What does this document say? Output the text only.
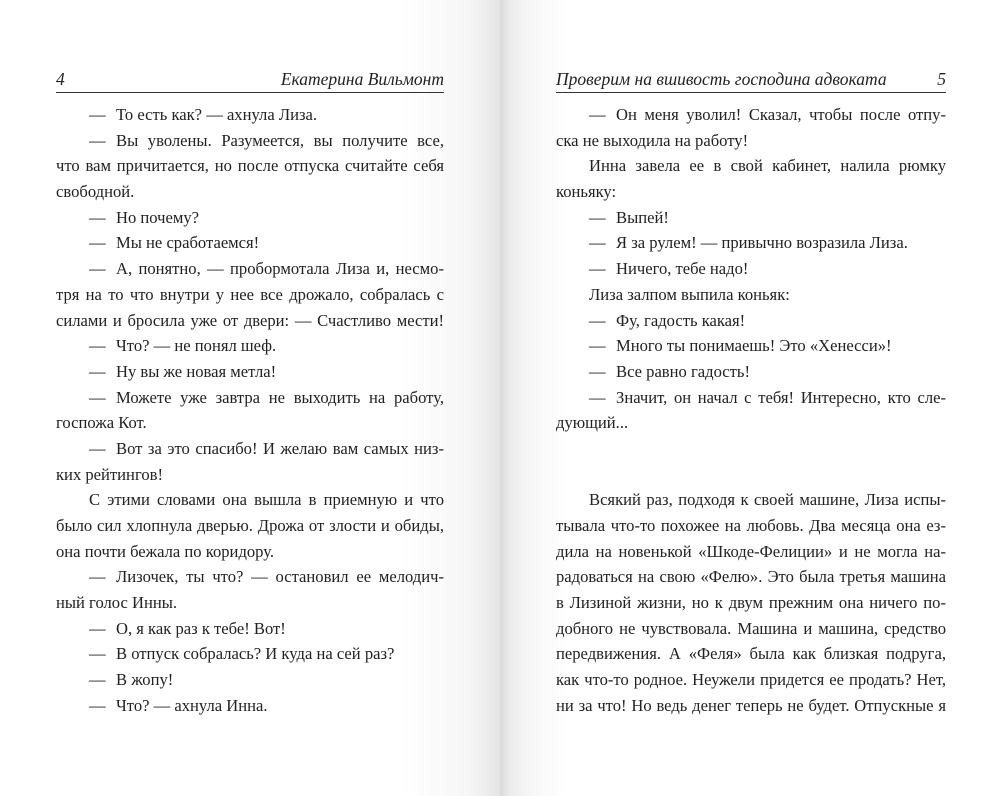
4	Екатерина Вильмонт
— То есть как? — ахнула Лиза.
— Вы уволены. Разумеется, вы получите все,
что вам причитается, но после отпуска считайте себя
свободной.
— Но почему?
— Мы не сработаемся!
— А, понятно, — пробормотала Лиза и, несмо-
тря на то что внутри у нее все дрожало, собралась с
силами и бросила уже от двери: — Счастливо мести!
— Что? — не понял шеф.
— Ну вы же новая метла!
— Можете уже завтра не выходить на работу,
госпожа Кот.
— Вот за это спасибо! И желаю вам самых низ-
ких рейтингов!
С этими словами она вышла в приемную и что
было сил хлопнула дверью. Дрожа от злости и обиды,
она почти бежала по коридору.
— Лизочек, ты что? — остановил ее мелодич-
ный голос Инны.
— О, я как раз к тебе! Вот!
— В отпуск собралась? И куда на сей раз?
— В жопу!
— Что? — ахнула Инна.
Проверим на вшивость господина адвоката	5
— Он меня уволил! Сказал, чтобы после отпу-
ска не выходила на работу!
Инна завела ее в свой кабинет, налила рюмку
коньяку:
— Выпей!
— Я за рулем! — привычно возразила Лиза.
— Ничего, тебе надо!
Лиза залпом выпила коньяк:
— Фу, гадость какая!
— Много ты понимаешь! Это «Хенесси»!
— Все равно гадость!
— Значит, он начал с тебя! Интересно, кто сле-
дующий...
Всякий раз, подходя к своей машине, Лиза испы-
тывала что-то похожее на любовь. Два месяца она ез-
дила на новенькой «Шкоде-Фелиции» и не могла на-
радоваться на свою «Фелю». Это была третья машина
в Лизиной жизни, но к двум прежним она ничего по-
добного не чувствовала. Машина и машина, средство
передвижения. А «Феля» была как близкая подруга,
как что-то родное. Неужели придется ее продать? Нет,
ни за что! Но ведь денег теперь не будет. Отпускные я
